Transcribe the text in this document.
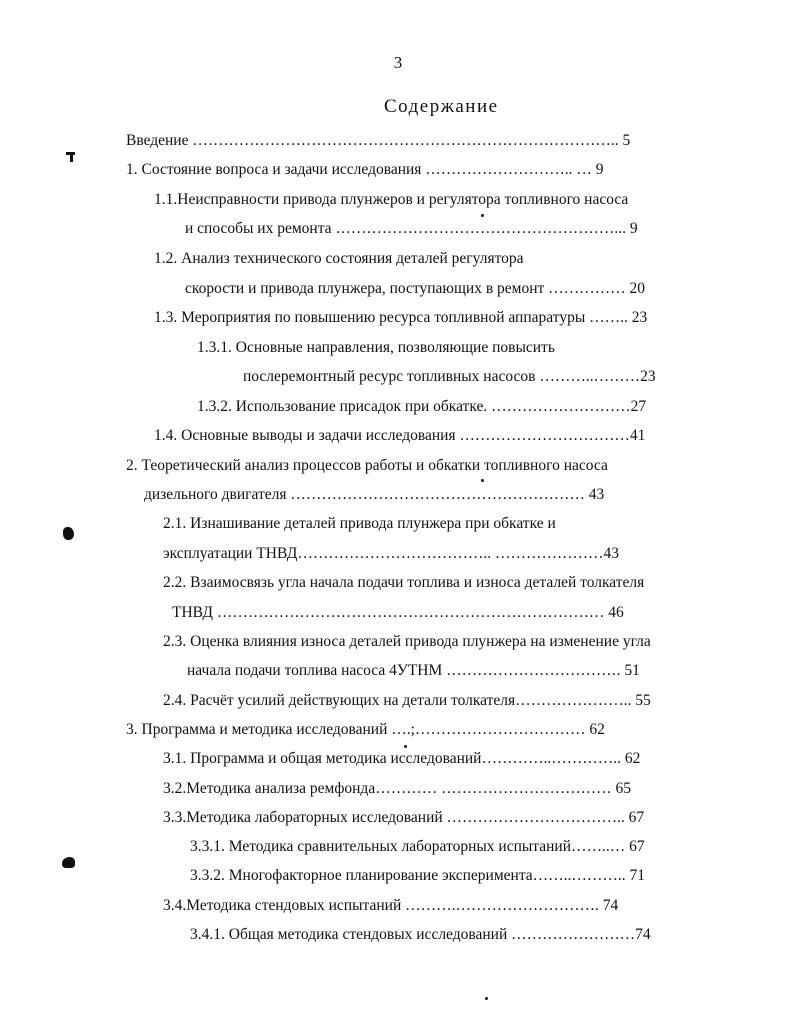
3
Содержание
Введение ……………………………………………………………………….. 5
1. Состояние вопроса и задачи исследования ……………………….. … 9
1.1.Неисправности привода плунжеров и регулятора топливного насоса
и способы их ремонта ………………………………………………... 9
1.2. Анализ технического состояния деталей регулятора
скорости и привода плунжера, поступающих в ремонт …………… 20
1.3. Мероприятия по повышению ресурса топливной аппаратуры …….. 23
1.3.1. Основные направления, позволяющие повысить
послеремонтный ресурс топливных насосов ………..………23
1.3.2. Использование присадок при обкатке. ………………………27
1.4. Основные выводы и задачи исследования ……………………………41
2. Теоретический анализ процессов работы и обкатки топливного насоса
дизельного двигателя ………………………………………………… 43
2.1. Изнашивание деталей привода плунжера при обкатке и
эксплуатации ТНВД……………………………….. …………………43
2.2. Взаимосвязь угла начала подачи топлива и износа деталей толкателя
ТНВД ………………………………………………………………… 46
2.3. Оценка влияния износа деталей привода плунжера на изменение угла
начала подачи топлива насоса 4УТНМ ……………………………. 51
2.4. Расчёт усилий действующих на детали толкателя………………….. 55
3. Программа и методика исследований ….;…………………………… 62
3.1. Программа и общая методика исследований…………..………….. 62
3.2.Методика анализа ремфонда………… …………………………… 65
3.3.Методика лабораторных исследований …………………………….. 67
3.3.1. Методика сравнительных лабораторных испытаний……..… 67
3.3.2. Многофакторное планирование эксперимента……..……….. 71
3.4.Методика стендовых испытаний ……….………………………. 74
3.4.1. Общая методика стендовых исследований ……………………74
